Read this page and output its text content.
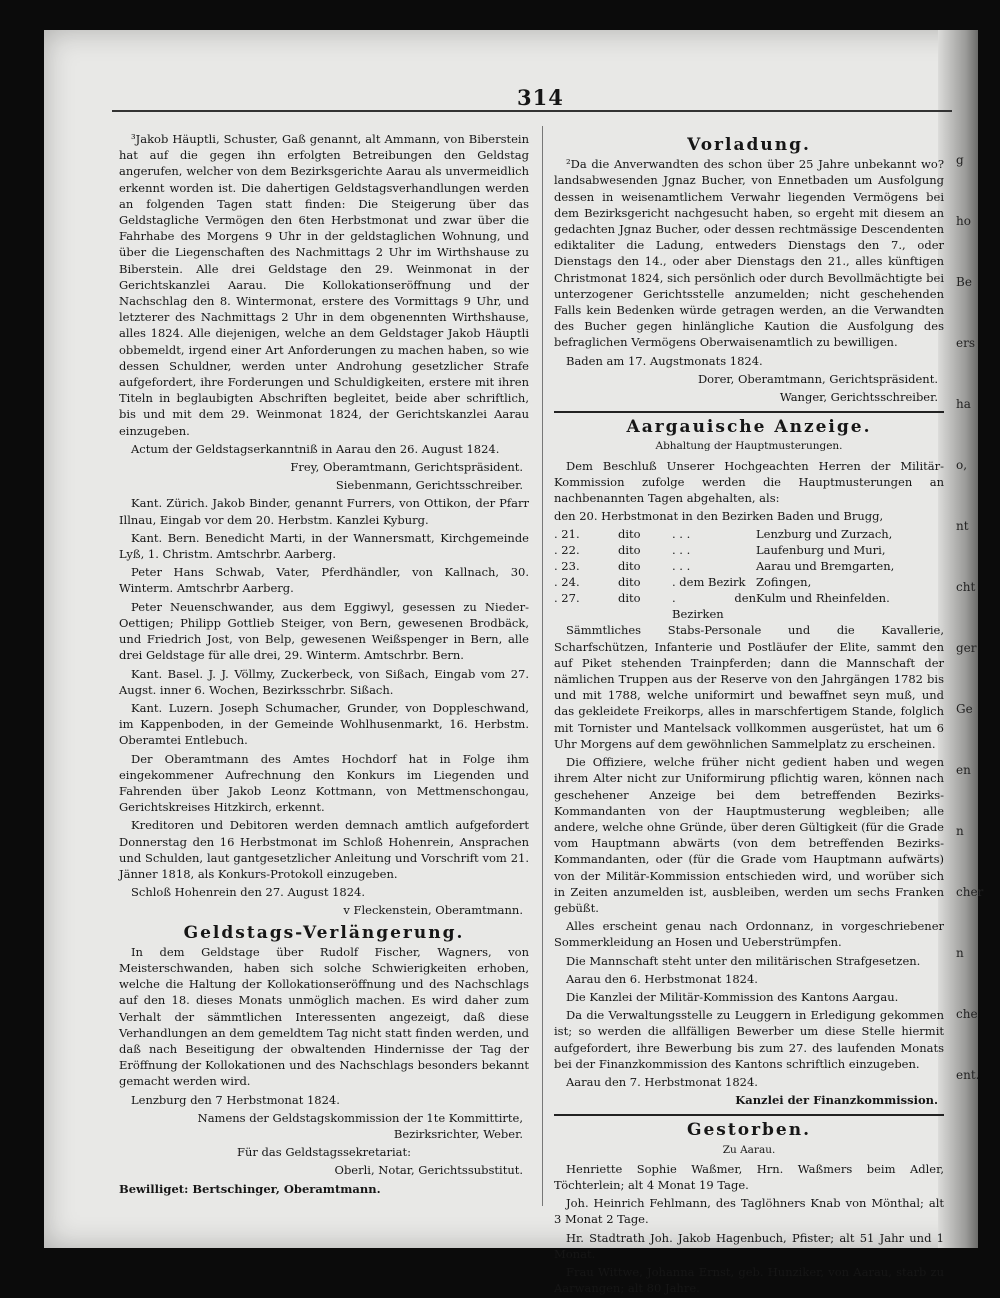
g
ho
Be
ers
ha
o,
nt
cht
ger
Ge
en
n
cher
n
che
ent.
314

³Jakob Häuptli, Schuster, Gaß genannt, alt Ammann, von Biberstein hat auf die gegen ihn erfolgten Betreibungen den Geldstag angerufen, welcher von dem Bezirksgerichte Aarau als unvermeidlich erkennt worden ist. Die dahertigen Geldstagsverhandlungen werden an folgenden Tagen statt finden: Die Steigerung über das Geldstagliche Vermögen den 6ten Herbstmonat und zwar über die Fahrhabe des Morgens 9 Uhr in der geldstaglichen Wohnung, und über die Liegenschaften des Nachmittags 2 Uhr im Wirthshause zu Biberstein. Alle drei Geldstage den 29. Weinmonat in der Gerichtskanzlei Aarau. Die Kollokationseröffnung und der Nachschlag den 8. Wintermonat, erstere des Vormittags 9 Uhr, und letzterer des Nachmittags 2 Uhr in dem obgenennten Wirthshause, alles 1824. Alle diejenigen, welche an dem Geldstager Jakob Häuptli obbemeldt, irgend einer Art Anforderungen zu machen haben, so wie dessen Schuldner, werden unter Androhung gesetzlicher Strafe aufgefordert, ihre Forderungen und Schuldigkeiten, erstere mit ihren Titeln in beglaubigten Abschriften begleitet, beide aber schriftlich, bis und mit dem 29. Weinmonat 1824, der Gerichtskanzlei Aarau einzugeben.

Actum der Geldstagserkanntniß in Aarau den 26. August 1824.

Frey, Oberamtmann, Gerichtspräsident.

Siebenmann, Gerichtsschreiber.

Kant. Zürich. Jakob Binder, genannt Furrers, von Ottikon, der Pfarr Illnau, Eingab vor dem 20. Herbstm. Kanzlei Kyburg.

Kant. Bern. Benedicht Marti, in der Wannersmatt, Kirchgemeinde Lyß, 1. Christm. Amtschrbr. Aarberg.

Peter Hans Schwab, Vater, Pferdhändler, von Kallnach, 30. Winterm. Amtschrbr Aarberg.

Peter Neuenschwander, aus dem Eggiwyl, gesessen zu Nieder-Oettigen; Philipp Gottlieb Steiger, von Bern, gewesenen Brodbäck, und Friedrich Jost, von Belp, gewesenen Weißspenger in Bern, alle drei Geldstage für alle drei, 29. Winterm. Amtschrbr. Bern.

Kant. Basel. J. J. Völlmy, Zuckerbeck, von Sißach, Eingab vom 27. Augst. inner 6. Wochen, Bezirksschrbr. Sißach.

Kant. Luzern. Joseph Schumacher, Grunder, von Doppleschwand, im Kappenboden, in der Gemeinde Wohlhusenmarkt, 16. Herbstm. Oberamtei Entlebuch.

Der Oberamtmann des Amtes Hochdorf hat in Folge ihm eingekommener Aufrechnung den Konkurs im Liegenden und Fahrenden über Jakob Leonz Kottmann, von Mettmenschongau, Gerichtskreises Hitzkirch, erkennt.

Kreditoren und Debitoren werden demnach amtlich aufgefordert Donnerstag den 16 Herbstmonat im Schloß Hohenrein, Ansprachen und Schulden, laut gantgesetzlicher Anleitung und Vorschrift vom 21. Jänner 1818, als Konkurs-Protokoll einzugeben.

Schloß Hohenrein den 27. August 1824.

v Fleckenstein, Oberamtmann.

Geldstags-Verlängerung.

In dem Geldstage über Rudolf Fischer, Wagners, von Meisterschwanden, haben sich solche Schwierigkeiten erhoben, welche die Haltung der Kollokationseröffnung und des Nachschlags auf den 18. dieses Monats unmöglich machen. Es wird daher zum Verhalt der sämmtlichen Interessenten angezeigt, daß diese Verhandlungen an dem gemeldtem Tag nicht statt finden werden, und daß nach Beseitigung der obwaltenden Hindernisse der Tag der Eröffnung der Kollokationen und des Nachschlags besonders bekannt gemacht werden wird.

Lenzburg den 7 Herbstmonat 1824.

Namens der Geldstagskommission der 1te Kommittirte, Bezirksrichter, Weber.

Für das Geldstagssekretariat:

Oberli, Notar, Gerichtssubstitut.

Bewilliget: Bertschinger, Oberamtmann.

Vorladung.

²Da die Anverwandten des schon über 25 Jahre unbekannt wo? landsabwesenden Jgnaz Bucher, von Ennetbaden um Ausfolgung dessen in weisenamtlichem Verwahr liegenden Vermögens bei dem Bezirksgericht nachgesucht haben, so ergeht mit diesem an gedachten Jgnaz Bucher, oder dessen rechtmässige Descendenten ediktaliter die Ladung, entweders Dienstags den 7., oder Dienstags den 14., oder aber Dienstags den 21., alles künftigen Christmonat 1824, sich persönlich oder durch Bevollmächtigte bei unterzogener Gerichtsstelle anzumelden; nicht geschehenden Falls kein Bedenken würde getragen werden, an die Verwandten des Bucher gegen hinlängliche Kaution die Ausfolgung des befraglichen Vermögens Oberwaisenamtlich zu bewilligen.

Baden am 17. Augstmonats 1824.

Dorer, Oberamtmann, Gerichtspräsident.

Wanger, Gerichtsschreiber.

Aargauische Anzeige.
Abhaltung der Hauptmusterungen.

Dem Beschluß Unserer Hochgeachten Herren der Militär-Kommission zufolge werden die Hauptmusterungen an nachbenannten Tagen abgehalten, als:

den 20. Herbstmonat in den Bezirken Baden und Brugg,

. 21.	dito	. . .	Lenzburg und Zurzach,
. 22.	dito	. . .	Laufenburg und Muri,
. 23.	dito	. . .	Aarau und Bremgarten,
. 24.	dito	. dem Bezirk	Zofingen,
. 27.	dito	. den Bezirken	Kulm und Rheinfelden.

Sämmtliches Stabs-Personale und die Kavallerie, Scharfschützen, Infanterie und Postläufer der Elite, sammt den auf Piket stehenden Trainpferden; dann die Mannschaft der nämlichen Truppen aus der Reserve von den Jahrgängen 1782 bis und mit 1788, welche uniformirt und bewaffnet seyn muß, und das gekleidete Freikorps, alles in marschfertigem Stande, folglich mit Tornister und Mantelsack vollkommen ausgerüstet, hat um 6 Uhr Morgens auf dem gewöhnlichen Sammelplatz zu erscheinen.

Die Offiziere, welche früher nicht gedient haben und wegen ihrem Alter nicht zur Uniformirung pflichtig waren, können nach geschehener Anzeige bei dem betreffenden Bezirks-Kommandanten von der Hauptmusterung wegbleiben; alle andere, welche ohne Gründe, über deren Gültigkeit (für die Grade vom Hauptmann abwärts (von dem betreffenden Bezirks-Kommandanten, oder (für die Grade vom Hauptmann aufwärts) von der Militär-Kommission entschieden wird, und worüber sich in Zeiten anzumelden ist, ausbleiben, werden um sechs Franken gebüßt.

Alles erscheint genau nach Ordonnanz, in vorgeschriebener Sommerkleidung an Hosen und Ueberstrümpfen.

Die Mannschaft steht unter den militärischen Strafgesetzen.

Aarau den 6. Herbstmonat 1824.

Die Kanzlei der Militär-Kommission des Kantons Aargau.

Da die Verwaltungsstelle zu Leuggern in Erledigung gekommen ist; so werden die allfälligen Bewerber um diese Stelle hiermit aufgefordert, ihre Bewerbung bis zum 27. des laufenden Monats bei der Finanzkommission des Kantons schriftlich einzugeben.

Aarau den 7. Herbstmonat 1824.

Kanzlei der Finanzkommission.

Gestorben.
Zu Aarau.

Henriette Sophie Waßmer, Hrn. Waßmers beim Adler, Töchterlein; alt 4 Monat 19 Tage.

Joh. Heinrich Fehlmann, des Taglöhners Knab von Mönthal; alt 3 Monat 2 Tage.

Hr. Stadtrath Joh. Jakob Hagenbuch, Pfister; alt 51 Jahr und 1 Monat.

Frau Wittwe, Johanna Ernst, geb. Hunziker, von Aarau, starb zu Aarwangen; alt 80 Jahre.
